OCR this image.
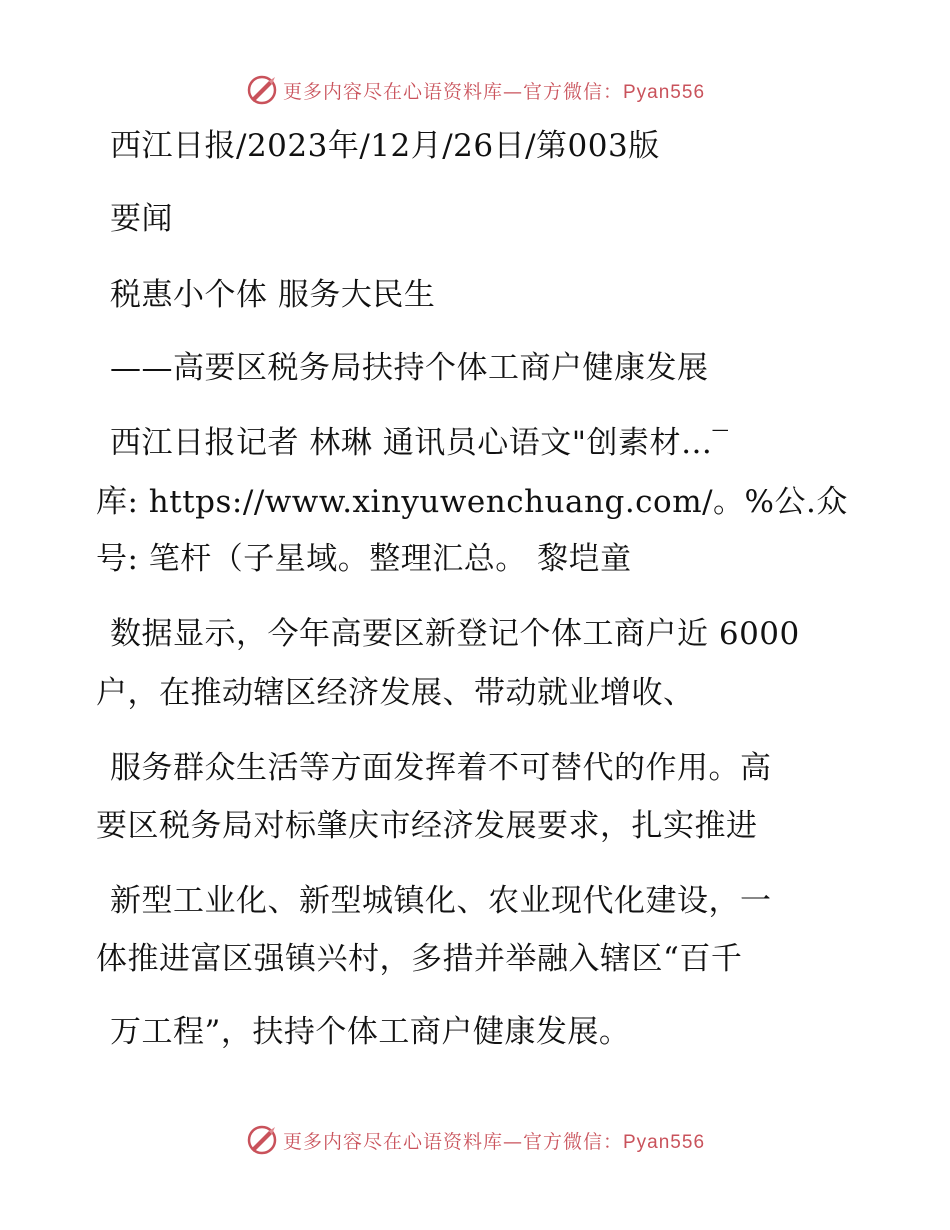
更多内容尽在心语资料库—官方微信：Pyan556
西江日报/2023年/12月/26日/第003版
要闻
税惠小个体 服务大民生
——高要区税务局扶持个体工商户健康发展
西江日报记者 林琳 通讯员心语文"创素材…‾
库: https://www.xinyuwenchuang.com/。%公.众
号: 笔杆（子星域。整理汇总。 黎垲童
数据显示，今年高要区新登记个体工商户近 6000
户，在推动辖区经济发展、带动就业增收、
服务群众生活等方面发挥着不可替代的作用。高
要区税务局对标肇庆市经济发展要求，扎实推进
新型工业化、新型城镇化、农业现代化建设，一
体推进富区强镇兴村，多措并举融入辖区“百千
万工程”，扶持个体工商户健康发展。
更多内容尽在心语资料库—官方微信：Pyan556
